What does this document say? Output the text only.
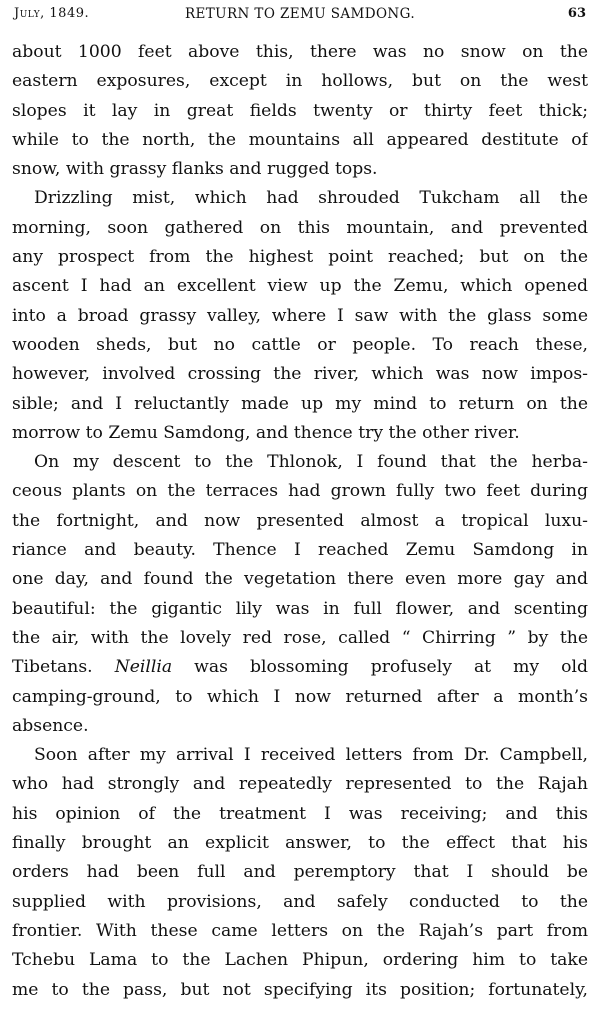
July, 1849.	RETURN TO ZEMU SAMDONG.	63
about 1000 feet above this, there was no snow on the
eastern exposures, except in hollows, but on the west
slopes it lay in great fields twenty or thirty feet thick;
while to the north, the mountains all appeared destitute of
snow, with grassy flanks and rugged tops.
Drizzling mist, which had shrouded Tukcham all the
morning, soon gathered on this mountain, and prevented
any prospect from the highest point reached; but on the
ascent I had an excellent view up the Zemu, which opened
into a broad grassy valley, where I saw with the glass some
wooden sheds, but no cattle or people. To reach these,
however, involved crossing the river, which was now impos-
sible; and I reluctantly made up my mind to return on the
morrow to Zemu Samdong, and thence try the other river.
On my descent to the Thlonok, I found that the herba-
ceous plants on the terraces had grown fully two feet during
the fortnight, and now presented almost a tropical luxu-
riance and beauty. Thence I reached Zemu Samdong in
one day, and found the vegetation there even more gay and
beautiful: the gigantic lily was in full flower, and scenting
the air, with the lovely red rose, called “ Chirring ” by the
Tibetans. Neillia was blossoming profusely at my old
camping-ground, to which I now returned after a month’s
absence.
Soon after my arrival I received letters from Dr. Campbell,
who had strongly and repeatedly represented to the Rajah
his opinion of the treatment I was receiving; and this
finally brought an explicit answer, to the effect that his
orders had been full and peremptory that I should be
supplied with provisions, and safely conducted to the
frontier. With these came letters on the Rajah’s part from
Tchebu Lama to the Lachen Phipun, ordering him to take
me to the pass, but not specifying its position; fortunately,
